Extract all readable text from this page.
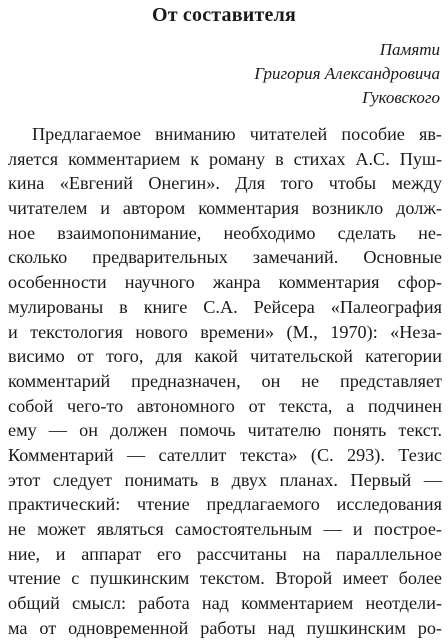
От составителя
Памяти
Григория Александровича
Гуковского
Предлагаемое вниманию читателей пособие яв-
ляется комментарием к роману в стихах А.С. Пуш-
кина «Евгений Онегин». Для того чтобы между
читателем и автором комментария возникло долж-
ное взаимопонимание, необходимо сделать не-
сколько предварительных замечаний. Основные
особенности научного жанра комментария сфор-
мулированы в книге С.А. Рейсера «Палеография
и текстология нового времени» (М., 1970): «Неза-
висимо от того, для какой читательской категории
комментарий предназначен, он не представляет
собой чего-то автономного от текста, а подчинен
ему — он должен помочь читателю понять текст.
Комментарий — сателлит текста» (С. 293). Тезис
этот следует понимать в двух планах. Первый —
практический: чтение предлагаемого исследования
не может являться самостоятельным — и построе-
ние, и аппарат его рассчитаны на параллельное
чтение с пушкинским текстом. Второй имеет более
общий смысл: работа над комментарием неотдели-
ма от одновременной работы над пушкинским ро-
